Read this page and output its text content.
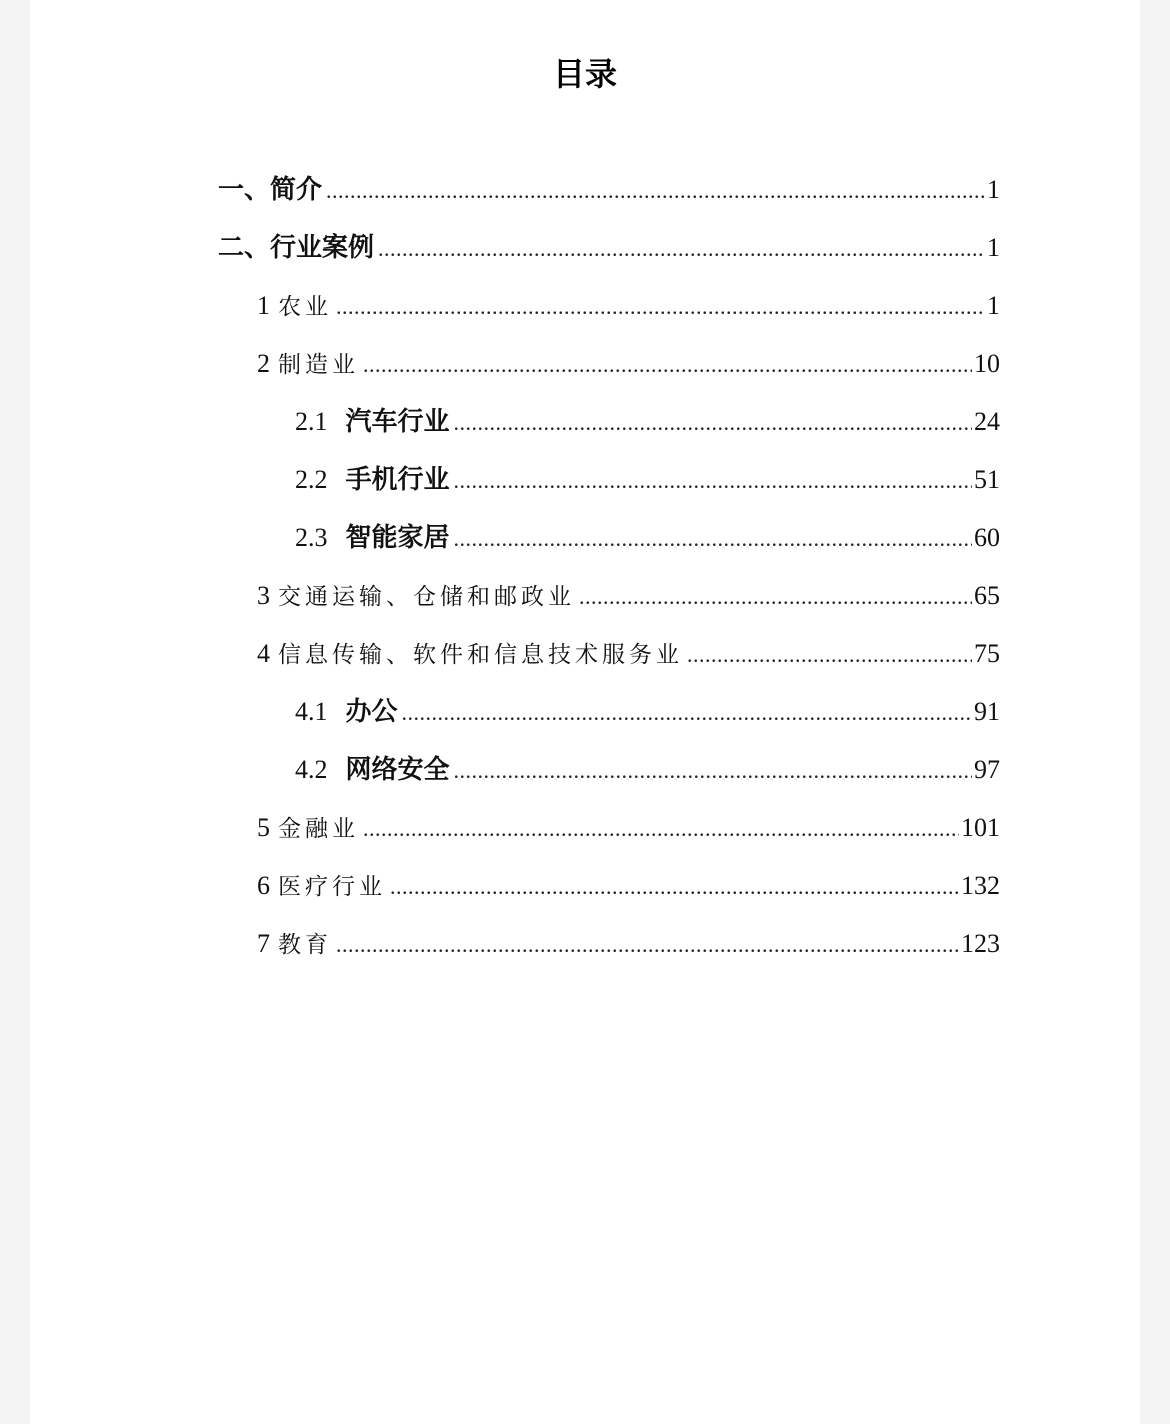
目录
一、简介 .....	1
二、行业案例 .....	1
1 农业 .....	1
2 制造业 .....	10
2.1 汽车行业 .....	24
2.2 手机行业 .....	51
2.3 智能家居 .....	60
3 交通运输、仓储和邮政业 .....	65
4 信息传输、软件和信息技术服务业 .....	75
4.1 办公 .....	91
4.2 网络安全 .....	97
5 金融业 .....	101
6 医疗行业 .....	132
7 教育 .....	123
